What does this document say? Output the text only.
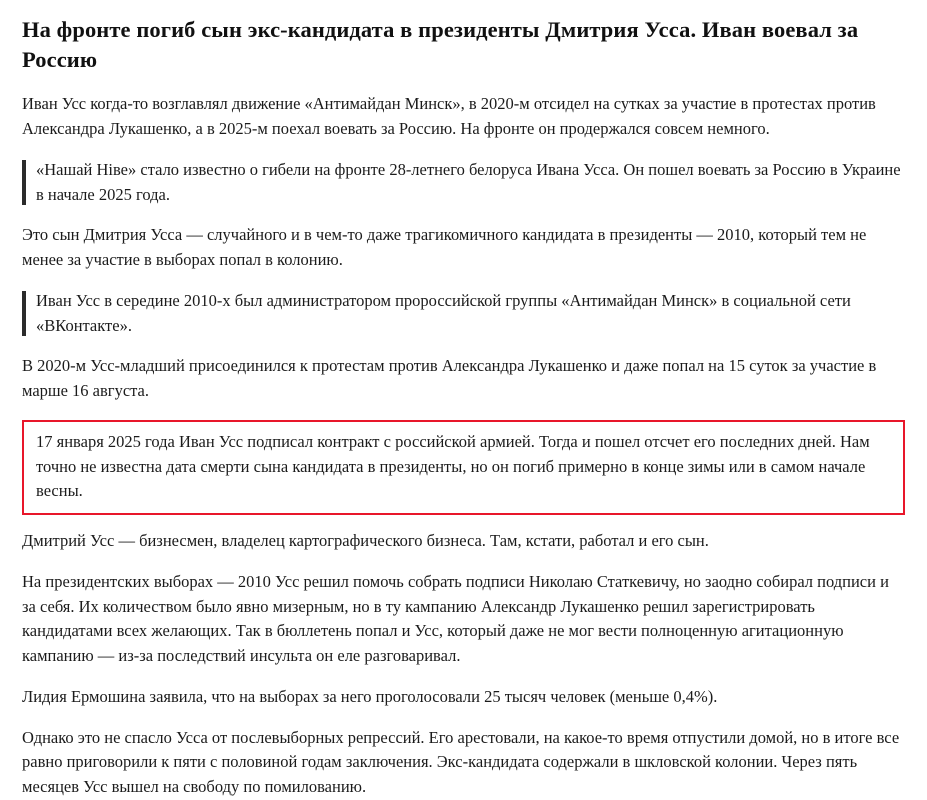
На фронте погиб сын экс-кандидата в президенты Дмитрия Усса. Иван воевал за Россию

Иван Усс когда-то возглавлял движение «Антимайдан Минск», в 2020-м отсидел на сутках за участие в протестах против Александра Лукашенко, а в 2025-м поехал воевать за Россию. На фронте он продержался совсем немного.

«Нашай Ніве» стало известно о гибели на фронте 28-летнего белоруса Ивана Усса. Он пошел воевать за Россию в Украине в начале 2025 года.

Это сын Дмитрия Усса — случайного и в чем-то даже трагикомичного кандидата в президенты — 2010, который тем не менее за участие в выборах попал в колонию.

Иван Усс в середине 2010-х был администратором пророссийской группы «Антимайдан Минск» в социальной сети «ВКонтакте».

В 2020-м Усс-младший присоединился к протестам против Александра Лукашенко и даже попал на 15 суток за участие в марше 16 августа.

17 января 2025 года Иван Усс подписал контракт с российской армией. Тогда и пошел отсчет его последних дней. Нам точно не известна дата смерти сына кандидата в президенты, но он погиб примерно в конце зимы или в самом начале весны.

Дмитрий Усс — бизнесмен, владелец картографического бизнеса. Там, кстати, работал и его сын.

На президентских выборах — 2010 Усс решил помочь собрать подписи Николаю Статкевичу, но заодно собирал подписи и за себя. Их количеством было явно мизерным, но в ту кампанию Александр Лукашенко решил зарегистрировать кандидатами всех желающих. Так в бюллетень попал и Усс, который даже не мог вести полноценную агитационную кампанию — из-за последствий инсульта он еле разговаривал.

Лидия Ермошина заявила, что на выборах за него проголосовали 25 тысяч человек (меньше 0,4%).

Однако это не спасло Усса от послевыборных репрессий. Его арестовали, на какое-то время отпустили домой, но в итоге все равно приговорили к пяти с половиной годам заключения. Экс-кандидата содержали в шкловской колонии. Через пять месяцев Усс вышел на свободу по помилованию.
